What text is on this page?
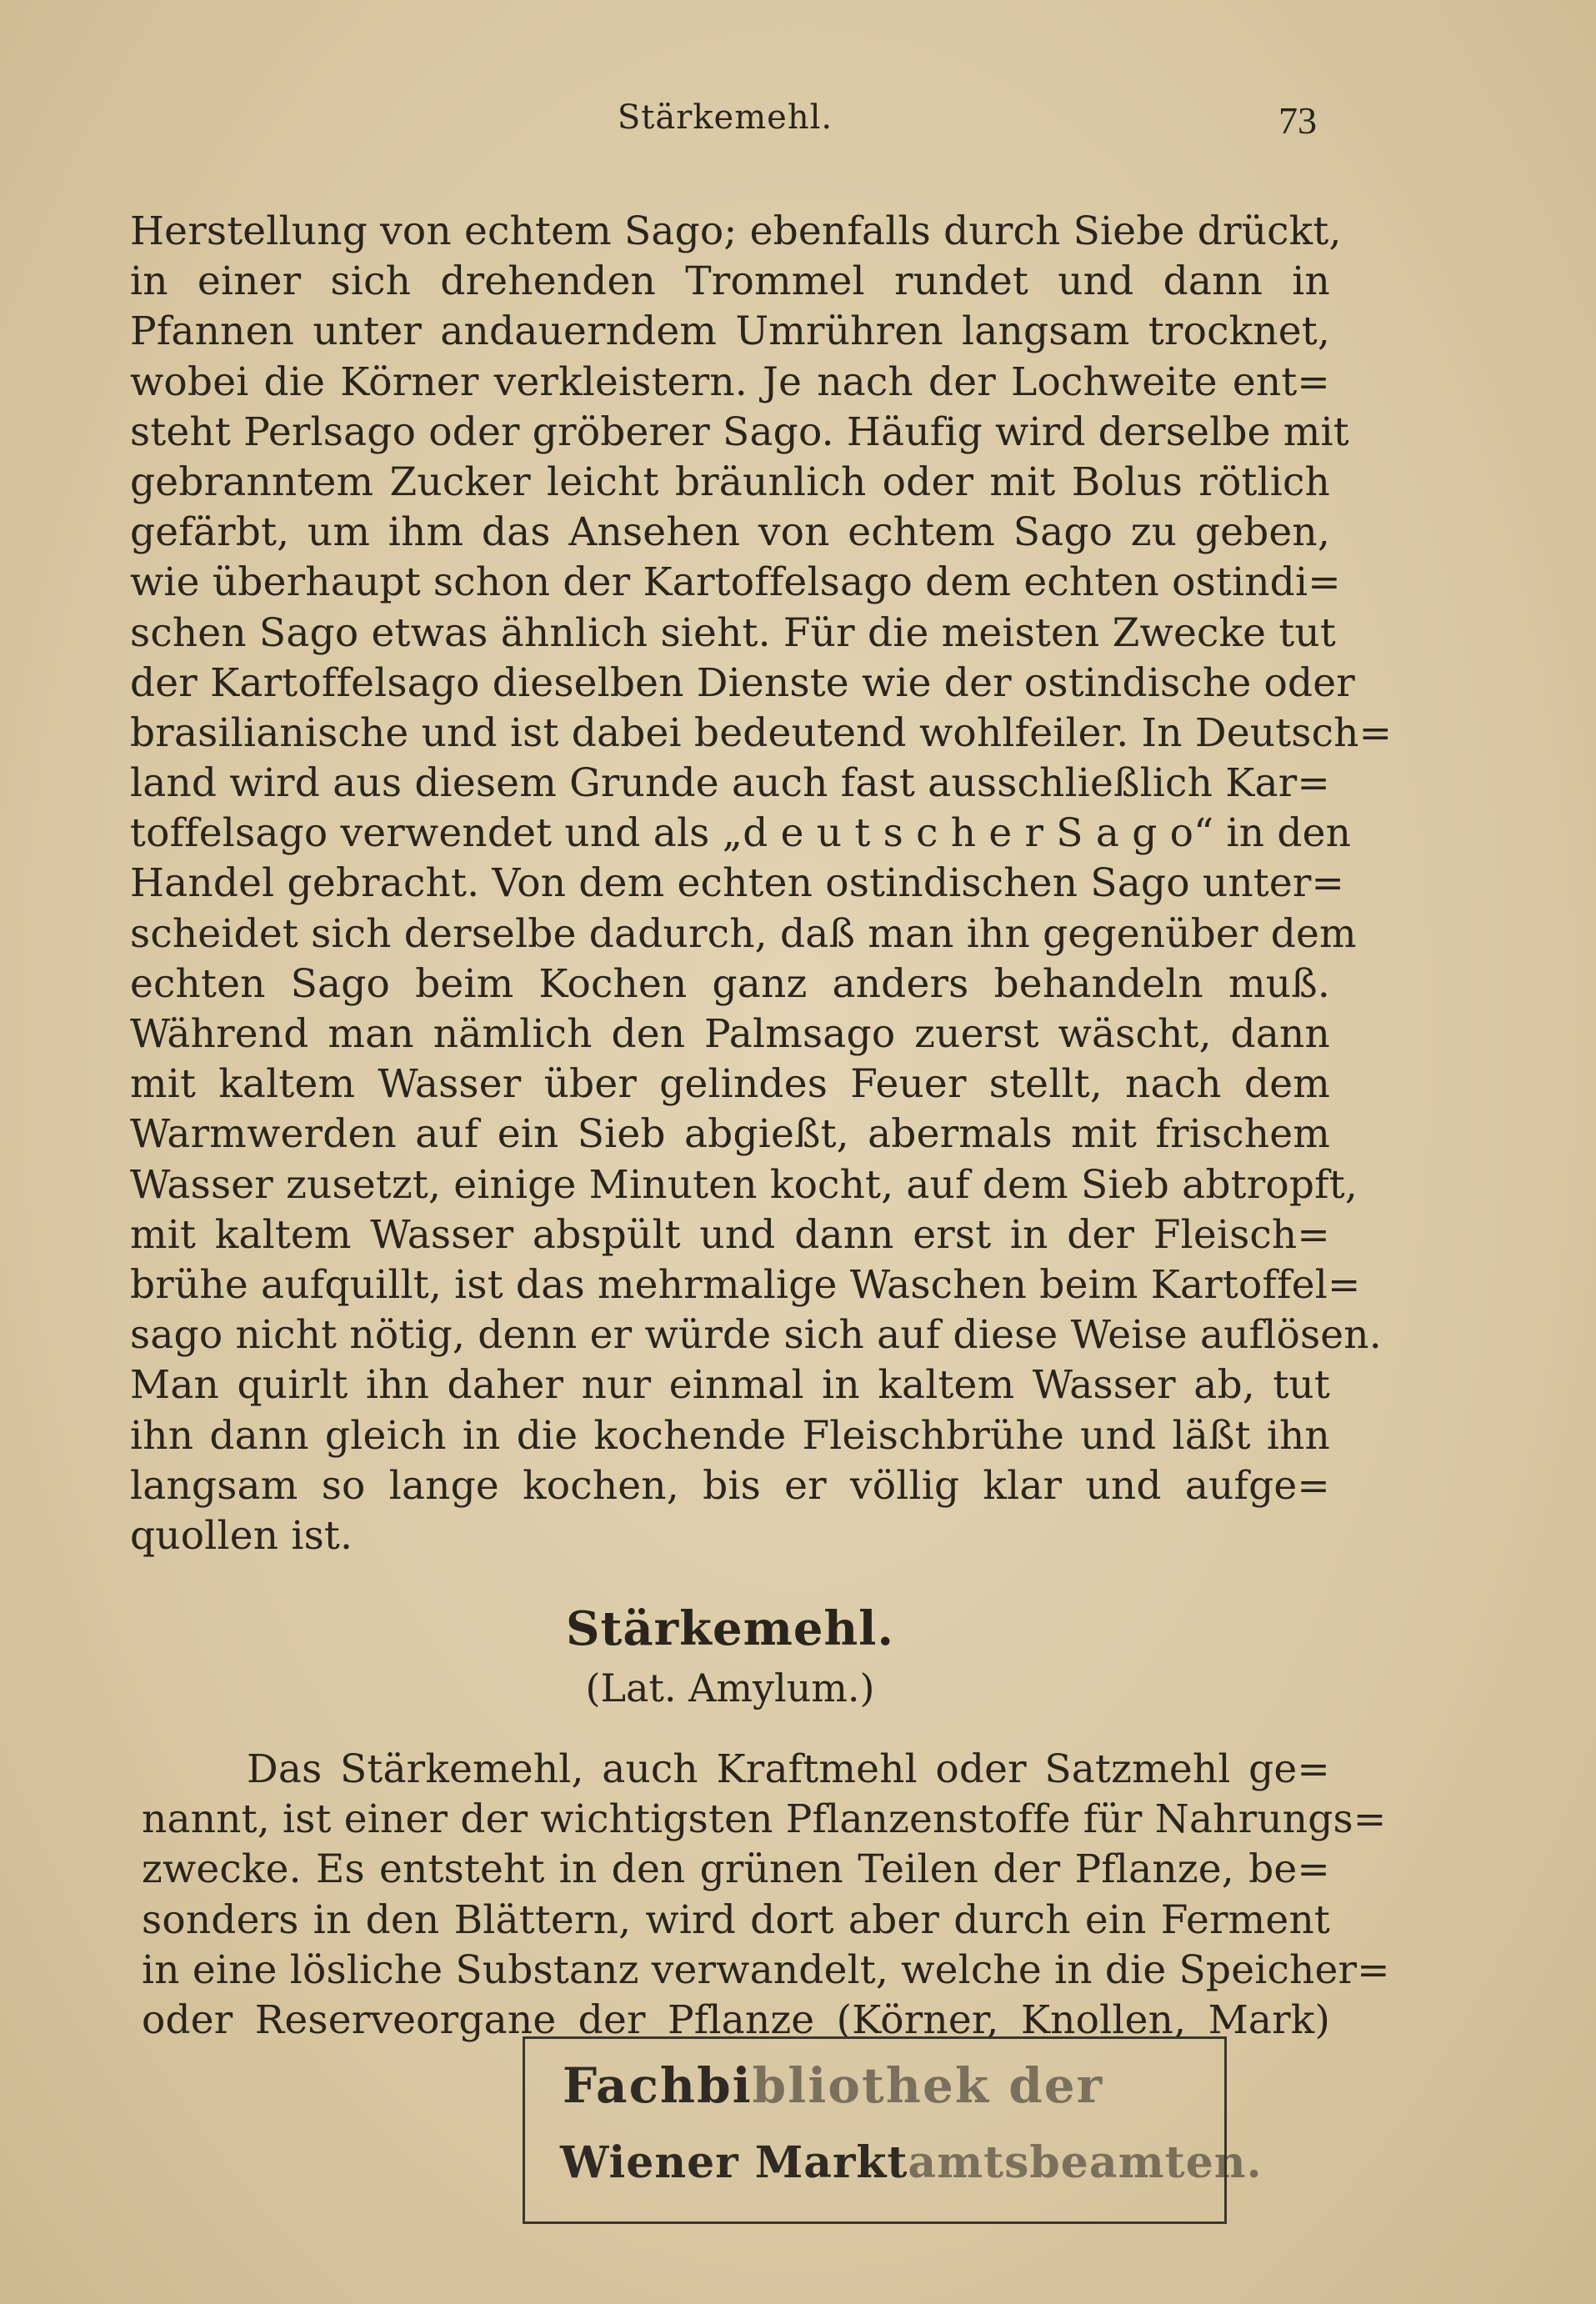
Stärkemehl.	73
Herstellung von echtem Sago; ebenfalls durch Siebe drückt,
in einer sich drehenden Trommel rundet und dann in
Pfannen unter andauerndem Umrühren langsam trocknet,
wobei die Körner verkleistern. Je nach der Lochweite ent=
steht Perlsago oder gröberer Sago. Häufig wird derselbe mit
gebranntem Zucker leicht bräunlich oder mit Bolus rötlich
gefärbt, um ihm das Ansehen von echtem Sago zu geben,
wie überhaupt schon der Kartoffelsago dem echten ostindi=
schen Sago etwas ähnlich sieht. Für die meisten Zwecke tut
der Kartoffelsago dieselben Dienste wie der ostindische oder
brasilianische und ist dabei bedeutend wohlfeiler. In Deutsch=
land wird aus diesem Grunde auch fast ausschließlich Kar=
toffelsago verwendet und als „d e u t s c h e r S a g o“ in den
Handel gebracht. Von dem echten ostindischen Sago unter=
scheidet sich derselbe dadurch, daß man ihn gegenüber dem
echten Sago beim Kochen ganz anders behandeln muß.
Während man nämlich den Palmsago zuerst wäscht, dann
mit kaltem Wasser über gelindes Feuer stellt, nach dem
Warmwerden auf ein Sieb abgießt, abermals mit frischem
Wasser zusetzt, einige Minuten kocht, auf dem Sieb abtropft,
mit kaltem Wasser abspült und dann erst in der Fleisch=
brühe aufquillt, ist das mehrmalige Waschen beim Kartoffel=
sago nicht nötig, denn er würde sich auf diese Weise auflösen.
Man quirlt ihn daher nur einmal in kaltem Wasser ab, tut
ihn dann gleich in die kochende Fleischbrühe und läßt ihn
langsam so lange kochen, bis er völlig klar und aufge=
quollen ist.
Stärkemehl.
(Lat. Amylum.)
Das Stärkemehl, auch Kraftmehl oder Satzmehl ge=
nannt, ist einer der wichtigsten Pflanzenstoffe für Nahrungs=
zwecke. Es entsteht in den grünen Teilen der Pflanze, be=
sonders in den Blättern, wird dort aber durch ein Ferment
in eine lösliche Substanz verwandelt, welche in die Speicher=
oder Reserveorgane der Pflanze (Körner, Knollen, Mark)
Fachbibliothek der
Wiener Marktamtsbeamten.
